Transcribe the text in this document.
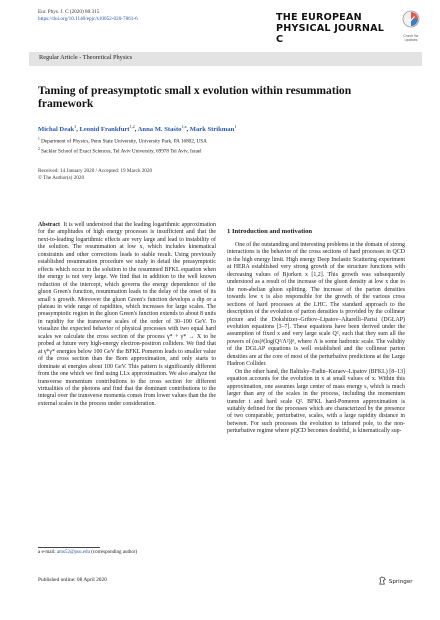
Eur. Phys. J. C (2020) 80:315
https://doi.org/10.1140/epjc/s10052-020-7861-6	THE EUROPEAN
PHYSICAL JOURNAL C	Check for updates
Regular Article - Theoretical Physics
Taming of preasymptotic small x evolution within resummation framework
Michal Deak$^1$, Leonid Frankfurt$^{1,2}$, Anna M. Staśto$^{1,a}$, Mark Strikman$^1$
$^1$ Department of Physics, Penn State University, University Park, PA 16802, USA
$^2$ Sackler School of Exact Sciences, Tel Aviv University, 69978 Tel Aviv, Israel
Received: 14 January 2020 / Accepted: 19 March 2020
© The Author(s) 2020
Abstract It is well understood that the leading logarithmic approximation for the amplitudes of high energy processes is insufficient and that the next-to-leading logarithmic effects are very large and lead to instability of the solution. The resummation at low x, which includes kinematical constraints and other corrections leads to stable result. Using previously established resummation procedure we study in detail the preasymptotic effects which occur in the solution to the resummed BFKL equation when the energy is not very large. We find that in addition to the well known reduction of the intercept, which governs the energy dependence of the gluon Green's function, resummation leads to the delay of the onset of its small x growth. Moreover the gluon Green's function develops a dip or a plateau in wide range of rapidities, which increases for large scales. The preasymptotic region in the gluon Green's function extends to about 8 units in rapidity for the transverse scales of the order of 30–100 GeV. To visualize the expected behavior of physical processes with two equal hard scales we calculate the cross section of the process γ* + γ* → X to be probed at future very high-energy electron-positron colliders. We find that at γ*γ* energies below 100 GeV the BFKL Pomeron leads to smaller value of the cross section than the Born approximation, and only starts to dominate at energies about 100 GeV. This pattern is significantly different from the one which we find using LLx approximation. We also analyze the transverse momentum contributions to the cross section for different virtualities of the photons and find that the dominant contributions to the integral over the transverse momenta comes from lower values than the the external scales in the process under consideration.
1 Introduction and motivation

One of the outstanding and interesting problems in the domain of strong interactions is the behavior of the cross sections of hard processes in QCD in the high energy limit. High energy Deep Inelastic Scattering experiment at HERA established very strong growth of the structure functions with decreasing values of Bjorken x [1,2]. This growth was subsequently understood as a result of the increase of the gluon density at low x due to the non-abelian gluon splitting. The increase of the parton densities towards low x is also responsible for the growth of the various cross sections of hard processes at the LHC. The standard approach to the description of the evolution of parton densities is provided by the collinear picture and the Dokshitzer–Gribov–Lipatov–Altarelli–Parisi (DGLAP) evolution equations [3–7]. These equations have been derived under the assumption of fixed x and very large scale Q², such that they sum all the powers of (αs)ⁿ(log(Q²/Λ²))ⁿ, where Λ is some hadronic scale. The validity of the DGLAP equations is well established and the collinear parton densities are at the core of most of the perturbative predictions at the Large Hadron Collider.

On the other hand, the Balitsky–Fadin–Kuraev–Lipatov (BFKL) [8–13] equation accounts for the evolution in x at small values of x. Within this approximation, one assumes large center of mass energy s, which is much larger than any of the scales in the process, including the momentum transfer t and hard scale Q². BFKL hard-Pomeron approximation is suitably defined for the processes which are characterized by the presence of two comparable, perturbative, scales, with a large rapidity distance in between. For such processes the evolution to infrared pole, to the non-perturbative regime where pQCD becomes doubtful, is kinematically sup-

a e-mail: ams52@psu.edu (corresponding author)
Published online: 08 April 2020	Springer
